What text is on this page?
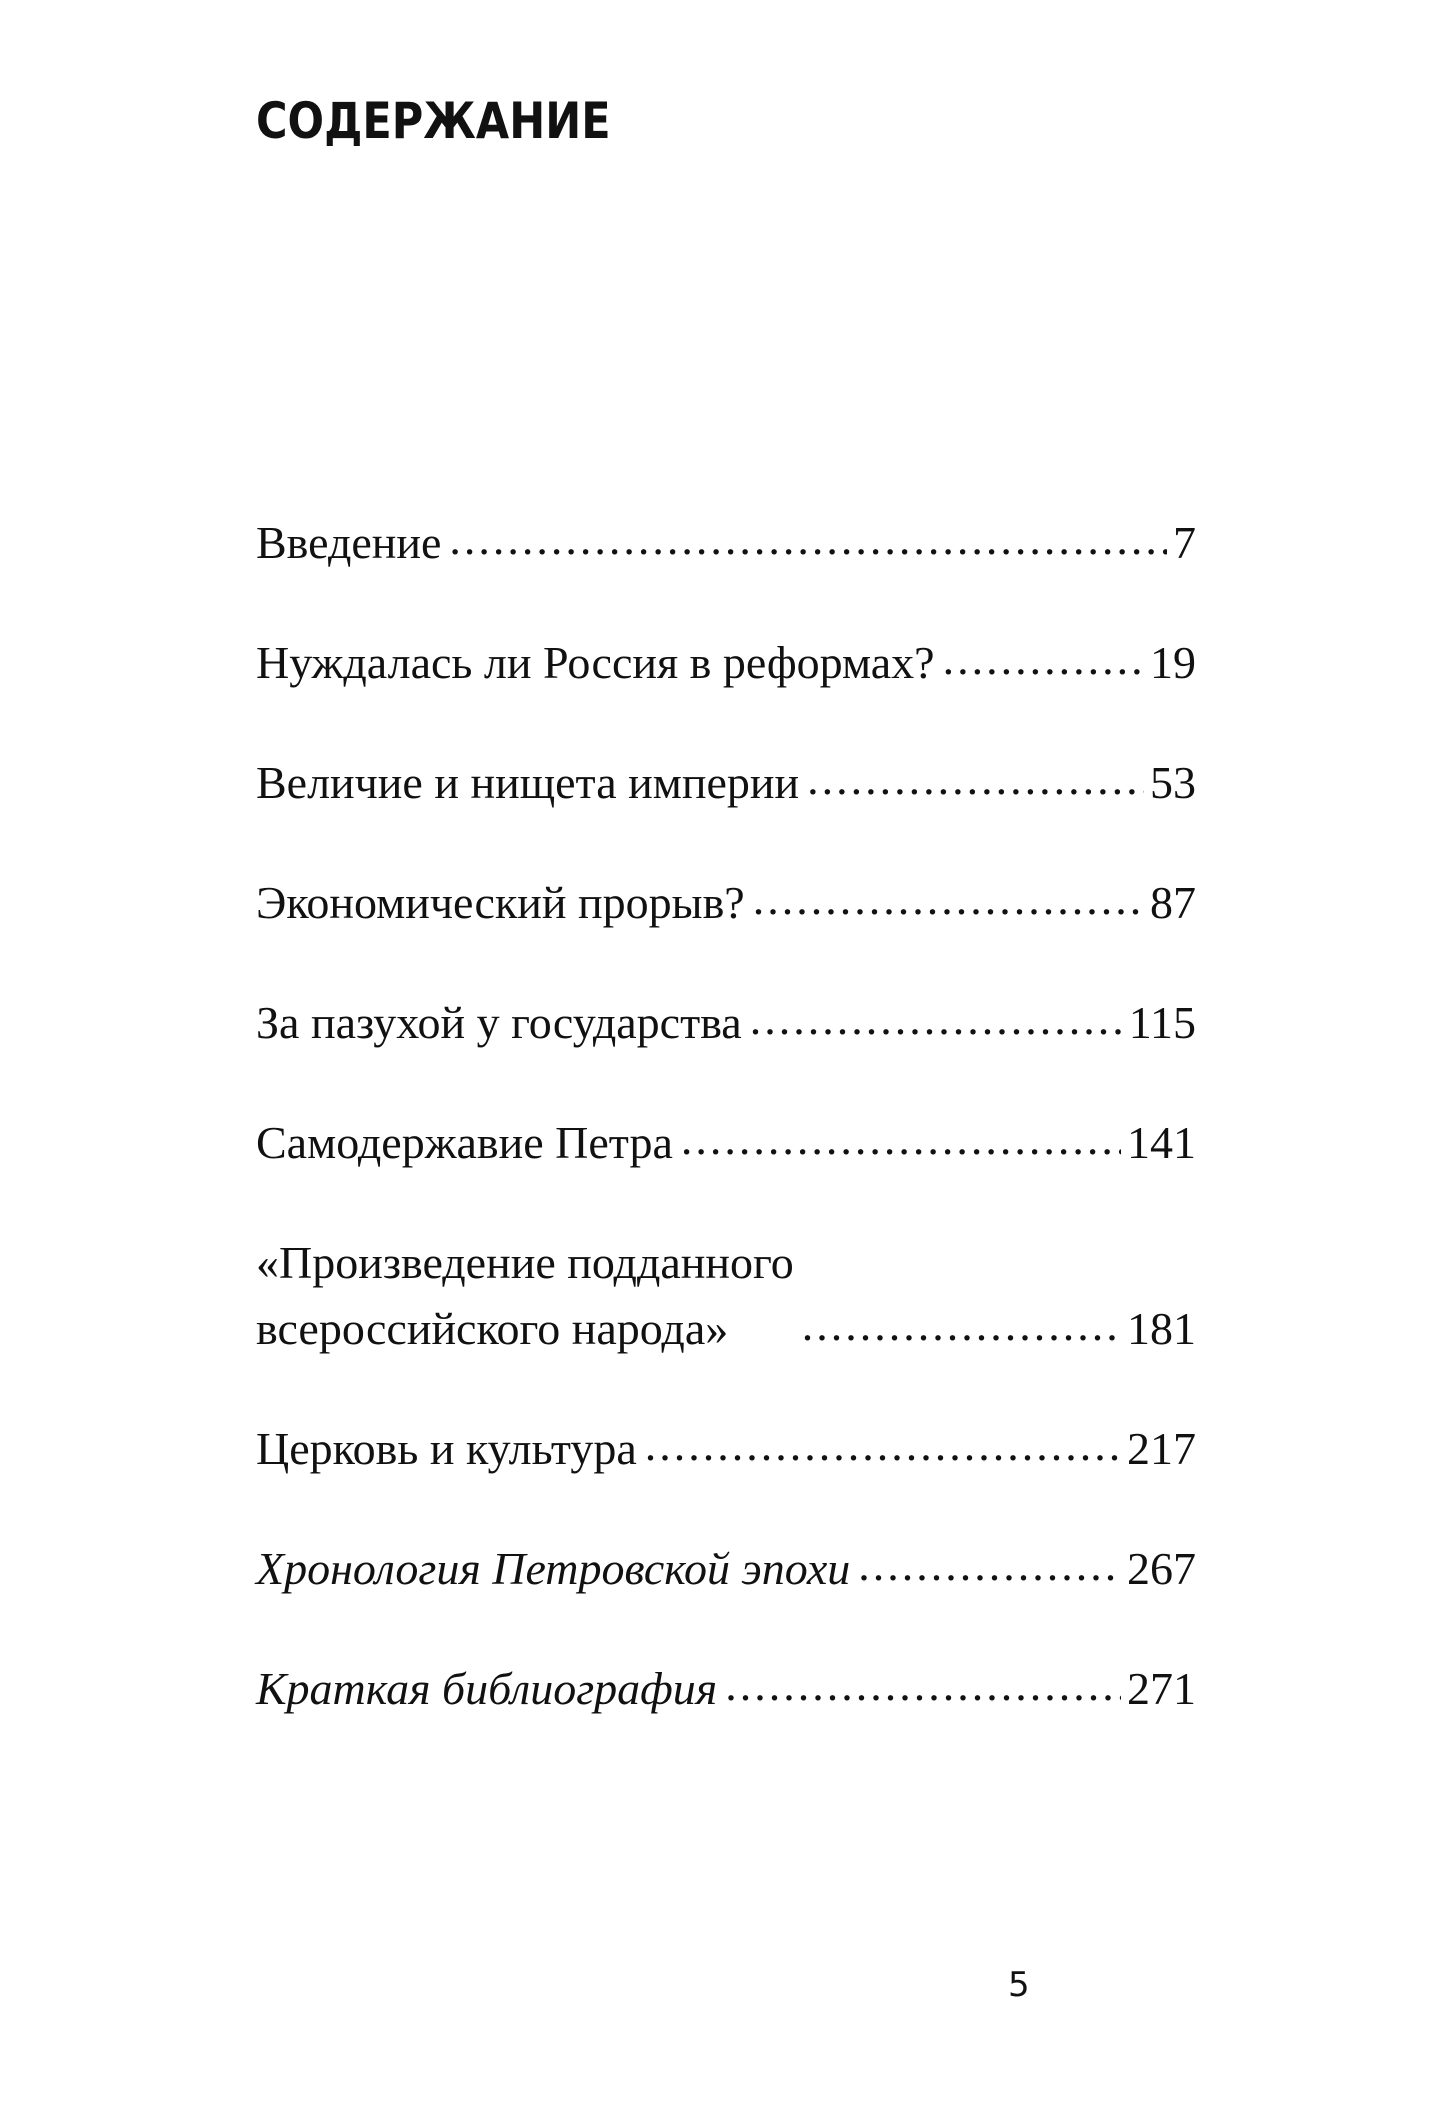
СОДЕРЖАНИЕ
Введение .....	7
Нуждалась ли Россия в реформах? .....	19
Величие и нищета империи .....	53
Экономический прорыв? .....	87
За пазухой у государства .....	115
Самодержавие Петра .....	141
«Произведение подданного
всероссийского народа» .....	181
Церковь и культура .....	217
Хронология Петровской эпохи .....	267
Краткая библиография .....	271
5
